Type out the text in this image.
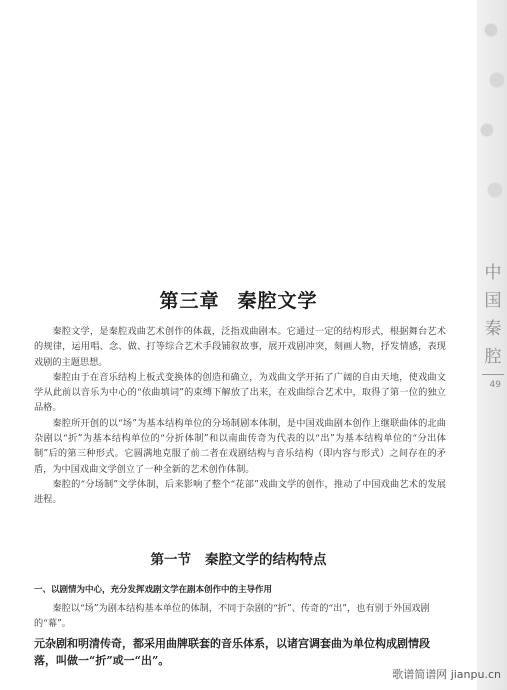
中
国
秦
腔
49
第三章 秦腔文学

秦腔文学，是秦腔戏曲艺术创作的体裁，泛指戏曲剧本。它通过一定的结构形式，根据舞台艺术的规律，运用唱、念、做、打等综合艺术手段铺叙故事，展开戏剧冲突，刻画人物，抒发情感，表现戏剧的主题思想。

秦腔由于在音乐结构上板式变换体的创造和确立，为戏曲文学开拓了广阔的自由天地，使戏曲文学从此前以音乐为中心的“依曲填词”的束缚下解放了出来，在戏曲综合艺术中，取得了第一位的独立品格。

秦腔所开创的以“场”为基本结构单位的分场制剧本体制，是中国戏曲剧本创作上继联曲体的北曲杂剧以“折”为基本结构单位的“分折体制”和以南曲传奇为代表的以“出”为基本结构单位的“分出体制”后的第三种形式。它圆满地克服了前二者在戏剧结构与音乐结构（即内容与形式）之间存在的矛盾，为中国戏曲文学创立了一种全新的艺术创作体制。

秦腔的“分场制”文学体制，后来影响了整个“花部”戏曲文学的创作，推动了中国戏曲艺术的发展进程。

第一节 秦腔文学的结构特点
一、以剧情为中心，充分发挥戏剧文学在剧本创作中的主导作用

秦腔以“场”为剧本结构基本单位的体制，不同于杂剧的“折”、传奇的“出”，也有别于外国戏剧的“幕”。

元杂剧和明清传奇，都采用曲牌联套的音乐体系，以诸宫调套曲为单位构成剧情段落，叫做一“折”或一“出”。

歌谱简谱网 jianpu.cn
